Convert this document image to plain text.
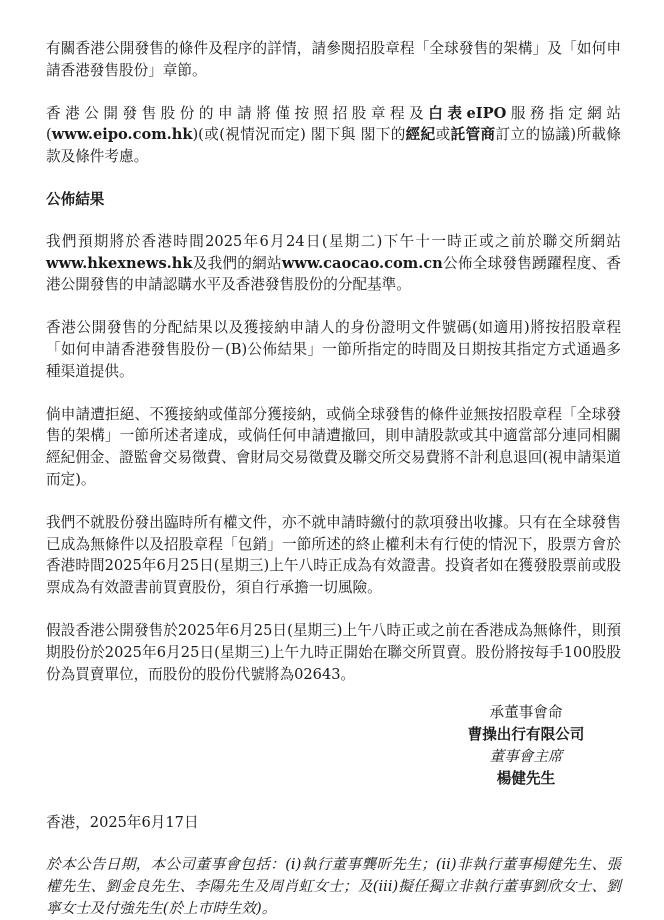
有關香港公開發售的條件及程序的詳情，請參閱招股章程「全球發售的架構」及「如何申請香港發售股份」章節。

香港公開發售股份的申請將僅按照招股章程及白表eIPO服務指定網站(www.eipo.com.hk)(或(視情況而定) 閣下與 閣下的經紀或託管商訂立的協議)所載條款及條件考慮。

公佈結果

我們預期將於香港時間2025年6月24日(星期二)下午十一時正或之前於聯交所網站www.hkexnews.hk及我們的網站www.caocao.com.cn公佈全球發售踴躍程度、香港公開發售的申請認購水平及香港發售股份的分配基準。

香港公開發售的分配結果以及獲接納申請人的身份證明文件號碼(如適用)將按招股章程「如何申請香港發售股份－(B)公佈結果」一節所指定的時間及日期按其指定方式通過多種渠道提供。

倘申請遭拒絕、不獲接納或僅部分獲接納，或倘全球發售的條件並無按招股章程「全球發售的架構」一節所述者達成，或倘任何申請遭撤回，則申請股款或其中適當部分連同相關經紀佣金、證監會交易徵費、會財局交易徵費及聯交所交易費將不計利息退回(視申請渠道而定)。

我們不就股份發出臨時所有權文件，亦不就申請時繳付的款項發出收據。只有在全球發售已成為無條件以及招股章程「包銷」一節所述的終止權利未有行使的情況下，股票方會於香港時間2025年6月25日(星期三)上午八時正成為有效證書。投資者如在獲發股票前或股票成為有效證書前買賣股份，須自行承擔一切風險。

假設香港公開發售於2025年6月25日(星期三)上午八時正或之前在香港成為無條件，則預期股份於2025年6月25日(星期三)上午九時正開始在聯交所買賣。股份將按每手100股股份為買賣單位，而股份的股份代號將為02643。

承董事會命
曹操出行有限公司
董事會主席
楊健先生

香港，2025年6月17日

於本公告日期，本公司董事會包括：(i)執行董事龔昕先生；(ii)非執行董事楊健先生、張權先生、劉金良先生、李陽先生及周肖虹女士；及(iii)擬任獨立非執行董事劉欣女士、劉寧女士及付強先生(於上市時生效)。
